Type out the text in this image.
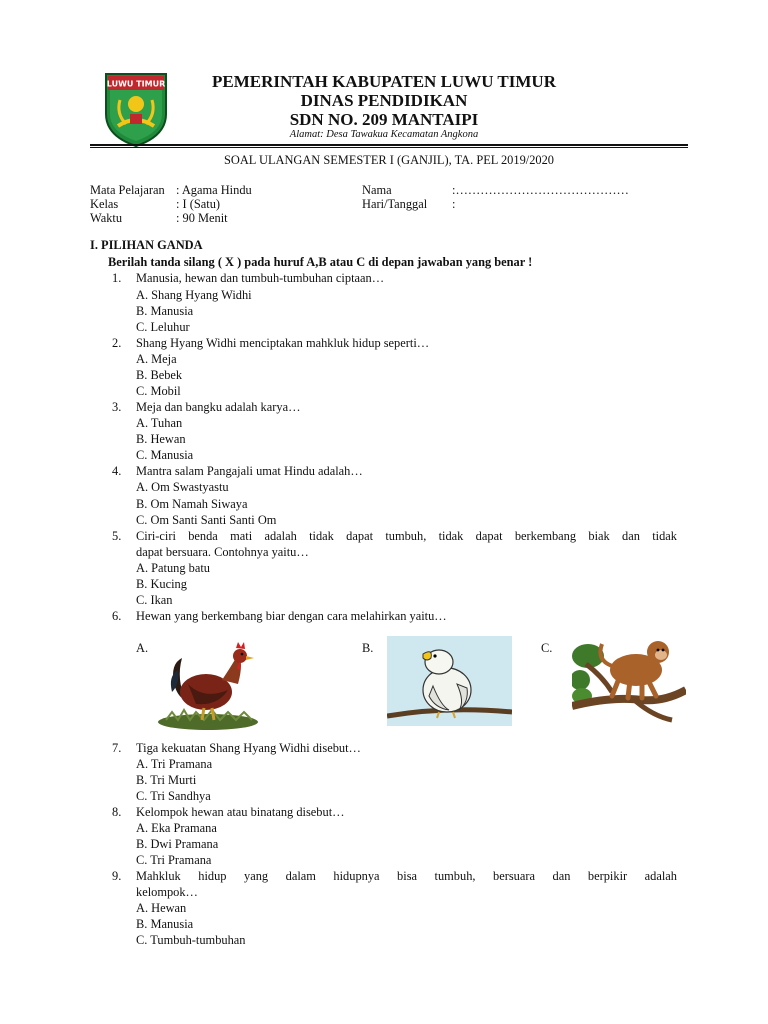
LUWU TIMUR	PEMERINTAH KABUPATEN LUWU TIMUR
DINAS PENDIDIKAN
SDN NO. 209 MANTAIPI
Alamat: Desa Tawakua Kecamatan Angkona
SOAL ULANGAN SEMESTER I (GANJIL), TA. PEL 2019/2020
Mata Pelajaran : Agama Hindu
Kelas	: I (Satu)
Waktu	: 90 Menit
Nama	:……………………………………
Hari/Tanggal :
I. PILIHAN GANDA
Berilah tanda silang ( X ) pada huruf A,B atau C di depan jawaban yang benar !
1. Manusia, hewan dan tumbuh-tumbuhan ciptaan…
A. Shang Hyang Widhi
B. Manusia
C. Leluhur
2. Shang Hyang Widhi menciptakan mahkluk hidup seperti…
A. Meja
B. Bebek
C. Mobil
3. Meja dan bangku adalah karya…
A. Tuhan
B. Hewan
C. Manusia
4. Mantra salam Pangajali umat Hindu adalah…
A. Om Swastyastu
B. Om Namah Siwaya
C. Om Santi Santi Santi Om
5. Ciri-ciri benda mati adalah tidak dapat tumbuh, tidak dapat berkembang biak dan tidak
dapat bersuara. Contohnya yaitu…
A. Patung batu
B. Kucing
C. Ikan
6. Hewan yang berkembang biar dengan cara melahirkan yaitu…
A.	B.	C.
7. Tiga kekuatan Shang Hyang Widhi disebut…
A. Tri Pramana
B. Tri Murti
C. Tri Sandhya
8. Kelompok hewan atau binatang disebut…
A. Eka Pramana
B. Dwi Pramana
C. Tri Pramana
9. Mahkluk hidup yang dalam hidupnya bisa tumbuh, bersuara dan berpikir adalah
kelompok…
A. Hewan
B. Manusia
C. Tumbuh-tumbuhan
